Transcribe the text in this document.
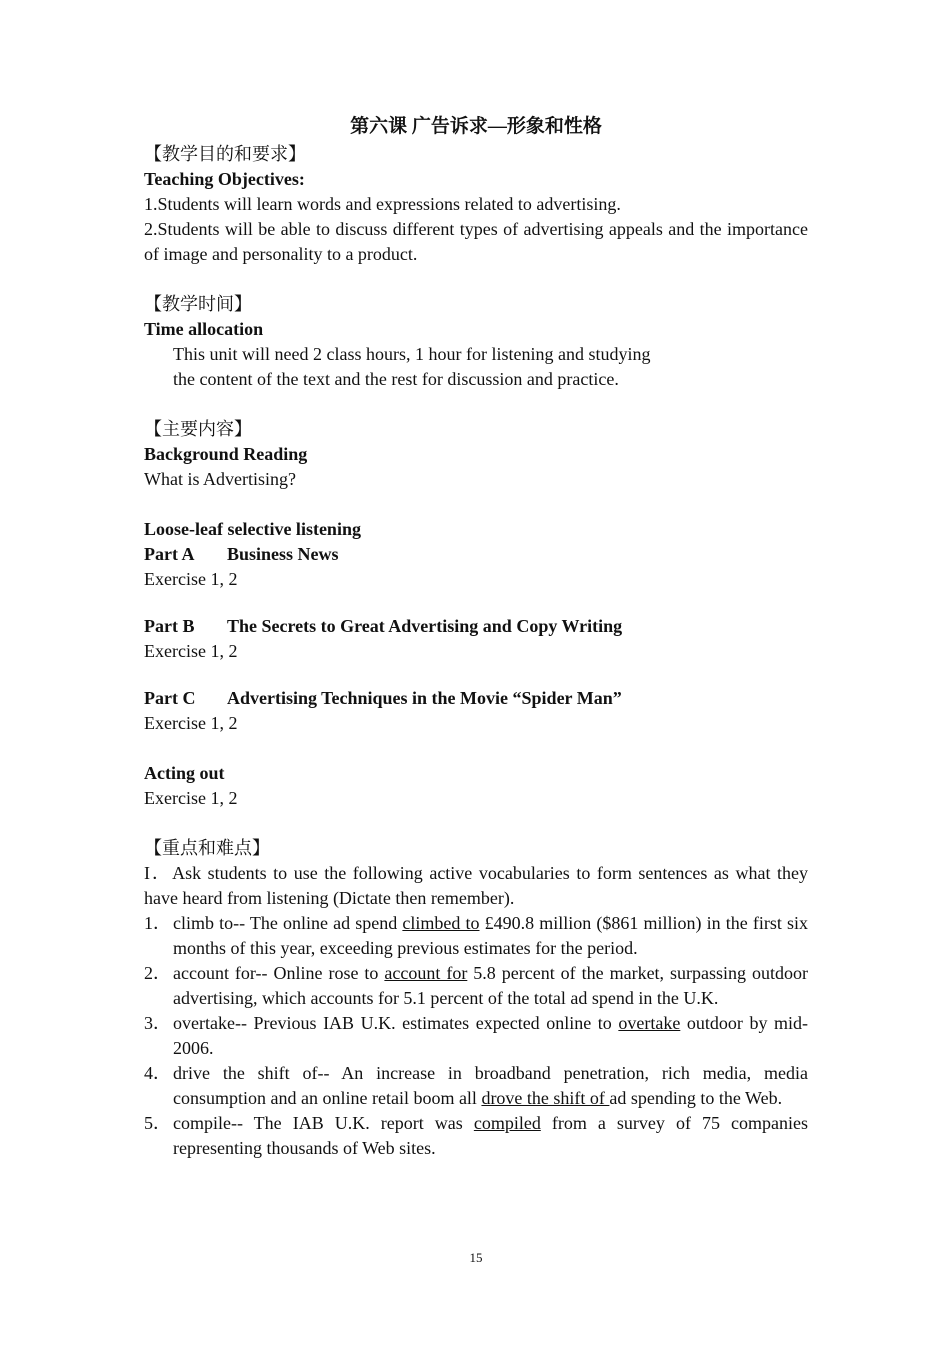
第六课 广告诉求—形象和性格

【教学目的和要求】

Teaching Objectives:

1.Students will learn words and expressions related to advertising.

2.Students will be able to discuss different types of advertising appeals and the importance of image and personality to a product.

【教学时间】

Time allocation

This unit will need 2 class hours, 1 hour for listening and studying

the content of the text and the rest for discussion and practice.

【主要内容】

Background Reading

What is Advertising?

Loose-leaf selective listening

Part A Business News

Exercise 1, 2

Part B The Secrets to Great Advertising and Copy Writing

Exercise 1, 2

Part C Advertising Techniques in the Movie “Spider Man”

Exercise 1, 2

Acting out

Exercise 1, 2

【重点和难点】

I．Ask students to use the following active vocabularies to form sentences as what they have heard from listening (Dictate then remember).

1． climb to-- The online ad spend climbed to £490.8 million ($861 million) in the first six months of this year, exceeding previous estimates for the period.
2． account for-- Online rose to account for 5.8 percent of the market, surpassing outdoor advertising, which accounts for 5.1 percent of the total ad spend in the U.K.
3． overtake-- Previous IAB U.K. estimates expected online to overtake outdoor by mid-2006.
4． drive the shift of-- An increase in broadband penetration, rich media, media consumption and an online retail boom all drove the shift of ad spending to the Web.
5． compile-- The IAB U.K. report was compiled from a survey of 75 companies representing thousands of Web sites.
15
